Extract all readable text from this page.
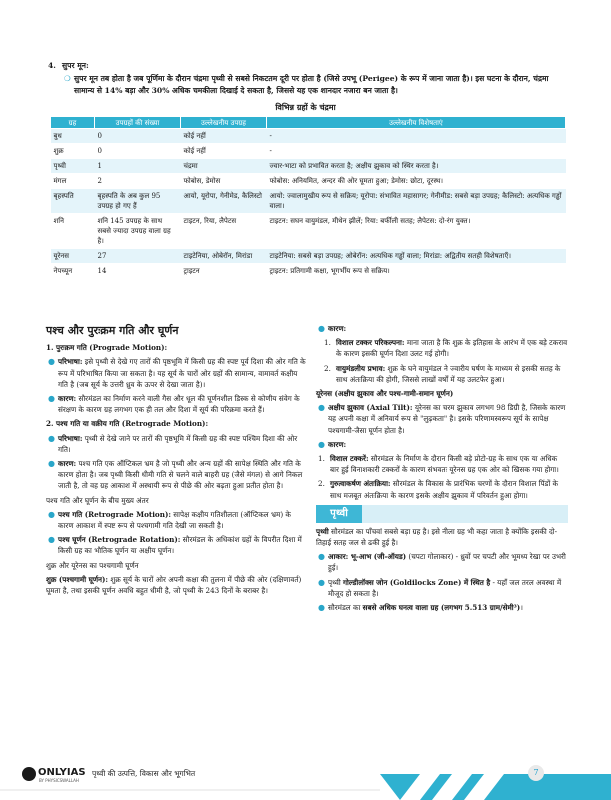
4. सुपर मून:
❍ सुपर मून तब होता है जब पूर्णिमा के दौरान चंद्रमा पृथ्वी से सबसे निकटतम दूरी पर होता है (जिसे उपभू (Perigee) के रूप में जाना जाता है)। इस घटना के दौरान, चंद्रमा सामान्य से 14% बड़ा और 30% अधिक चमकीला दिखाई दे सकता है, जिससे यह एक शानदार नजारा बन जाता है।

विभिन्न ग्रहों के चंद्रमा
ग्रह	उपग्रहों की संख्या	उल्लेखनीय उपग्रह	उल्लेखनीय विशेषताएं
बुध	0	कोई नहीं	-
शुक्र	0	कोई नहीं	-
पृथ्वी	1	चंद्रमा	ज्वार-भाटा को प्रभावित करता है; अक्षीय झुकाव को स्थिर करता है।
मंगल	2	फोबोस, डेमोस	फोबोस: अनियमित, अन्दर की ओर घूमता हुआ; डेमोस: छोटा, दूरस्थ।
बृहस्पति	बृहस्पति के अब कुल 95 उपग्रह हो गए हैं	आयो, यूरोपा, गेनीमेड, कैलिस्टो	आयो: ज्वालामुखीय रूप से सक्रिय; यूरोपा: संभावित महासागर; गेनीमीड: सबसे बड़ा उपग्रह; कैलिस्टो: अत्यधिक गड्ढों वाला।
शनि	शनि 145 उपग्रह के साथ सबसे ज्यादा उपग्रह वाला ग्रह है।	टाइटन, रिया, लैपेटस	टाइटन: सघन वायुमंडल, मीथेन झीलें; रिया: बर्फीली सतह; लैपेटस: दो-रंग युक्त।
यूरेनस	27	टाइटेनिया, ओबेरॉन, मिरांडा	टाइटेनिया: सबसे बड़ा उपग्रह; ओबेरॉन: अत्यधिक गड्ढों वाला; मिरांडा: अद्वितीय सतही विशेषताएँ।
नेपच्यून	14	ट्राइटन	ट्राइटन: प्रतिगामी कक्षा, भूगर्भीय रूप से सक्रिय।
पश्च और पुरःक्रम गति और घूर्णन

1. पुरःक्रम गति (Prograde Motion):

● परिभाषा: इसे पृथ्वी से देखे गए तारों की पृष्ठभूमि में किसी ग्रह की स्पष्ट पूर्व दिशा की ओर गति के रूप में परिभाषित किया जा सकता है। यह सूर्य के चारों ओर ग्रहों की सामान्य, वामावर्त कक्षीय गति है (जब सूर्य के उत्तरी ध्रुव के ऊपर से देखा जाता है)।
● कारण: सौरमंडल का निर्माण करने वाली गैस और धूल की घूर्णनशील डिस्क से कोणीय संवेग के संरक्षण के कारण ग्रह लगभग एक ही तल और दिशा में सूर्य की परिक्रमा करते हैं।

2. पश्च गति या वक्रीय गति (Retrograde Motion):

● परिभाषा: पृथ्वी से देखे जाने पर तारों की पृष्ठभूमि में किसी ग्रह की स्पष्ट पश्चिम दिशा की ओर गति।
● कारण: पश्च गति एक ऑप्टिकल भ्रम है जो पृथ्वी और अन्य ग्रहों की सापेक्ष स्थिति और गति के कारण होता है। जब पृथ्वी किसी धीमी गति से चलने वाले बाहरी ग्रह (जैसे मंगल) से आगे निकल जाती है, तो वह ग्रह आकाश में अस्थायी रूप से पीछे की ओर बढ़ता हुआ प्रतीत होता है।

पश्च गति और घूर्णन के बीच मुख्य अंतर

● पश्च गति (Retrograde Motion): सापेक्ष कक्षीय गतिशीलता (ऑप्टिकल भ्रम) के कारण आकाश में स्पष्ट रूप से पश्चगामी गति देखी जा सकती है।
● पश्च घूर्णन (Retrograde Rotation): सौरमंडल के अधिकांश ग्रहों के विपरीत दिशा में किसी ग्रह का भौतिक घूर्णन या अक्षीय घूर्णन।

शुक्र और यूरेनस का पश्चगामी घूर्णन

शुक्र (पश्चगामी घूर्णन): शुक्र सूर्य के चारों ओर अपनी कक्षा की तुलना में पीछे की ओर (दक्षिणावर्त) घूमता है, तथा इसकी घूर्णन अवधि बहुत धीमी है, जो पृथ्वी के 243 दिनों के बराबर है।

● कारण:
1. विशाल टक्कर परिकल्पना: माना जाता है कि शुक्र के इतिहास के आरंभ में एक बड़े टकराव के कारण इसकी घूर्णन दिशा उलट गई होगी।
2. वायुमंडलीय प्रभाव: शुक्र के घने वायुमंडल ने ज्वारीय घर्षण के माध्यम से इसकी सतह के साथ अंतःक्रिया की होगी, जिससे लाखों वर्षों में यह उलटफेर हुआ।

यूरेनस (अक्षीय झुकाव और पश्च-गामी-समान घूर्णन)

● अक्षीय झुकाव (Axial Tilt): यूरेनस का चरम झुकाव लगभग 98 डिग्री है, जिसके कारण यह अपनी कक्षा में अनिवार्य रूप से "लुढ़कता" है। इसके परिणामस्वरूप सूर्य के सापेक्ष पश्चगामी-जैसा घूर्णन होता है।
● कारण:
1. विशाल टक्करें: सौरमंडल के निर्माण के दौरान किसी बड़े प्रोटो-ग्रह के साथ एक या अधिक बार हुई विनाशकारी टक्करों के कारण संभवतः यूरेनस ग्रह एक ओर को खिसक गया होगा।
2. गुरुत्वाकर्षण अंतःक्रिया: सौरमंडल के विकास के प्रारंभिक चरणों के दौरान विशाल पिंडों के साथ मजबूत अंतःक्रिया के कारण इसके अक्षीय झुकाव में परिवर्तन हुआ होगा।
पृथ्वी

पृथ्वी सौरमंडल का पाँचवां सबसे बड़ा ग्रह है। इसे नीला ग्रह भी कहा जाता है क्योंकि इसकी दो-तिहाई सतह जल से ढकी हुई है।

● आकार: भू-आभ (जी-ऑयड) (चपटा गोलाकार) - ध्रुवों पर चपटी और भूमध्य रेखा पर उभरी हुई।
● पृथ्वी गोल्डीलॉक्स जोन (Goldilocks Zone) में स्थित है - यहाँ जल तरल अवस्था में मौजूद हो सकता है।
● सौरमंडल का सबसे अधिक घनत्व वाला ग्रह (लगभग 5.513 ग्राम/सेमी³)।
ONLYIAS
BY PHYSICSWALLAH
पृथ्वी की उत्पत्ति, विकास और भूगभित	7
